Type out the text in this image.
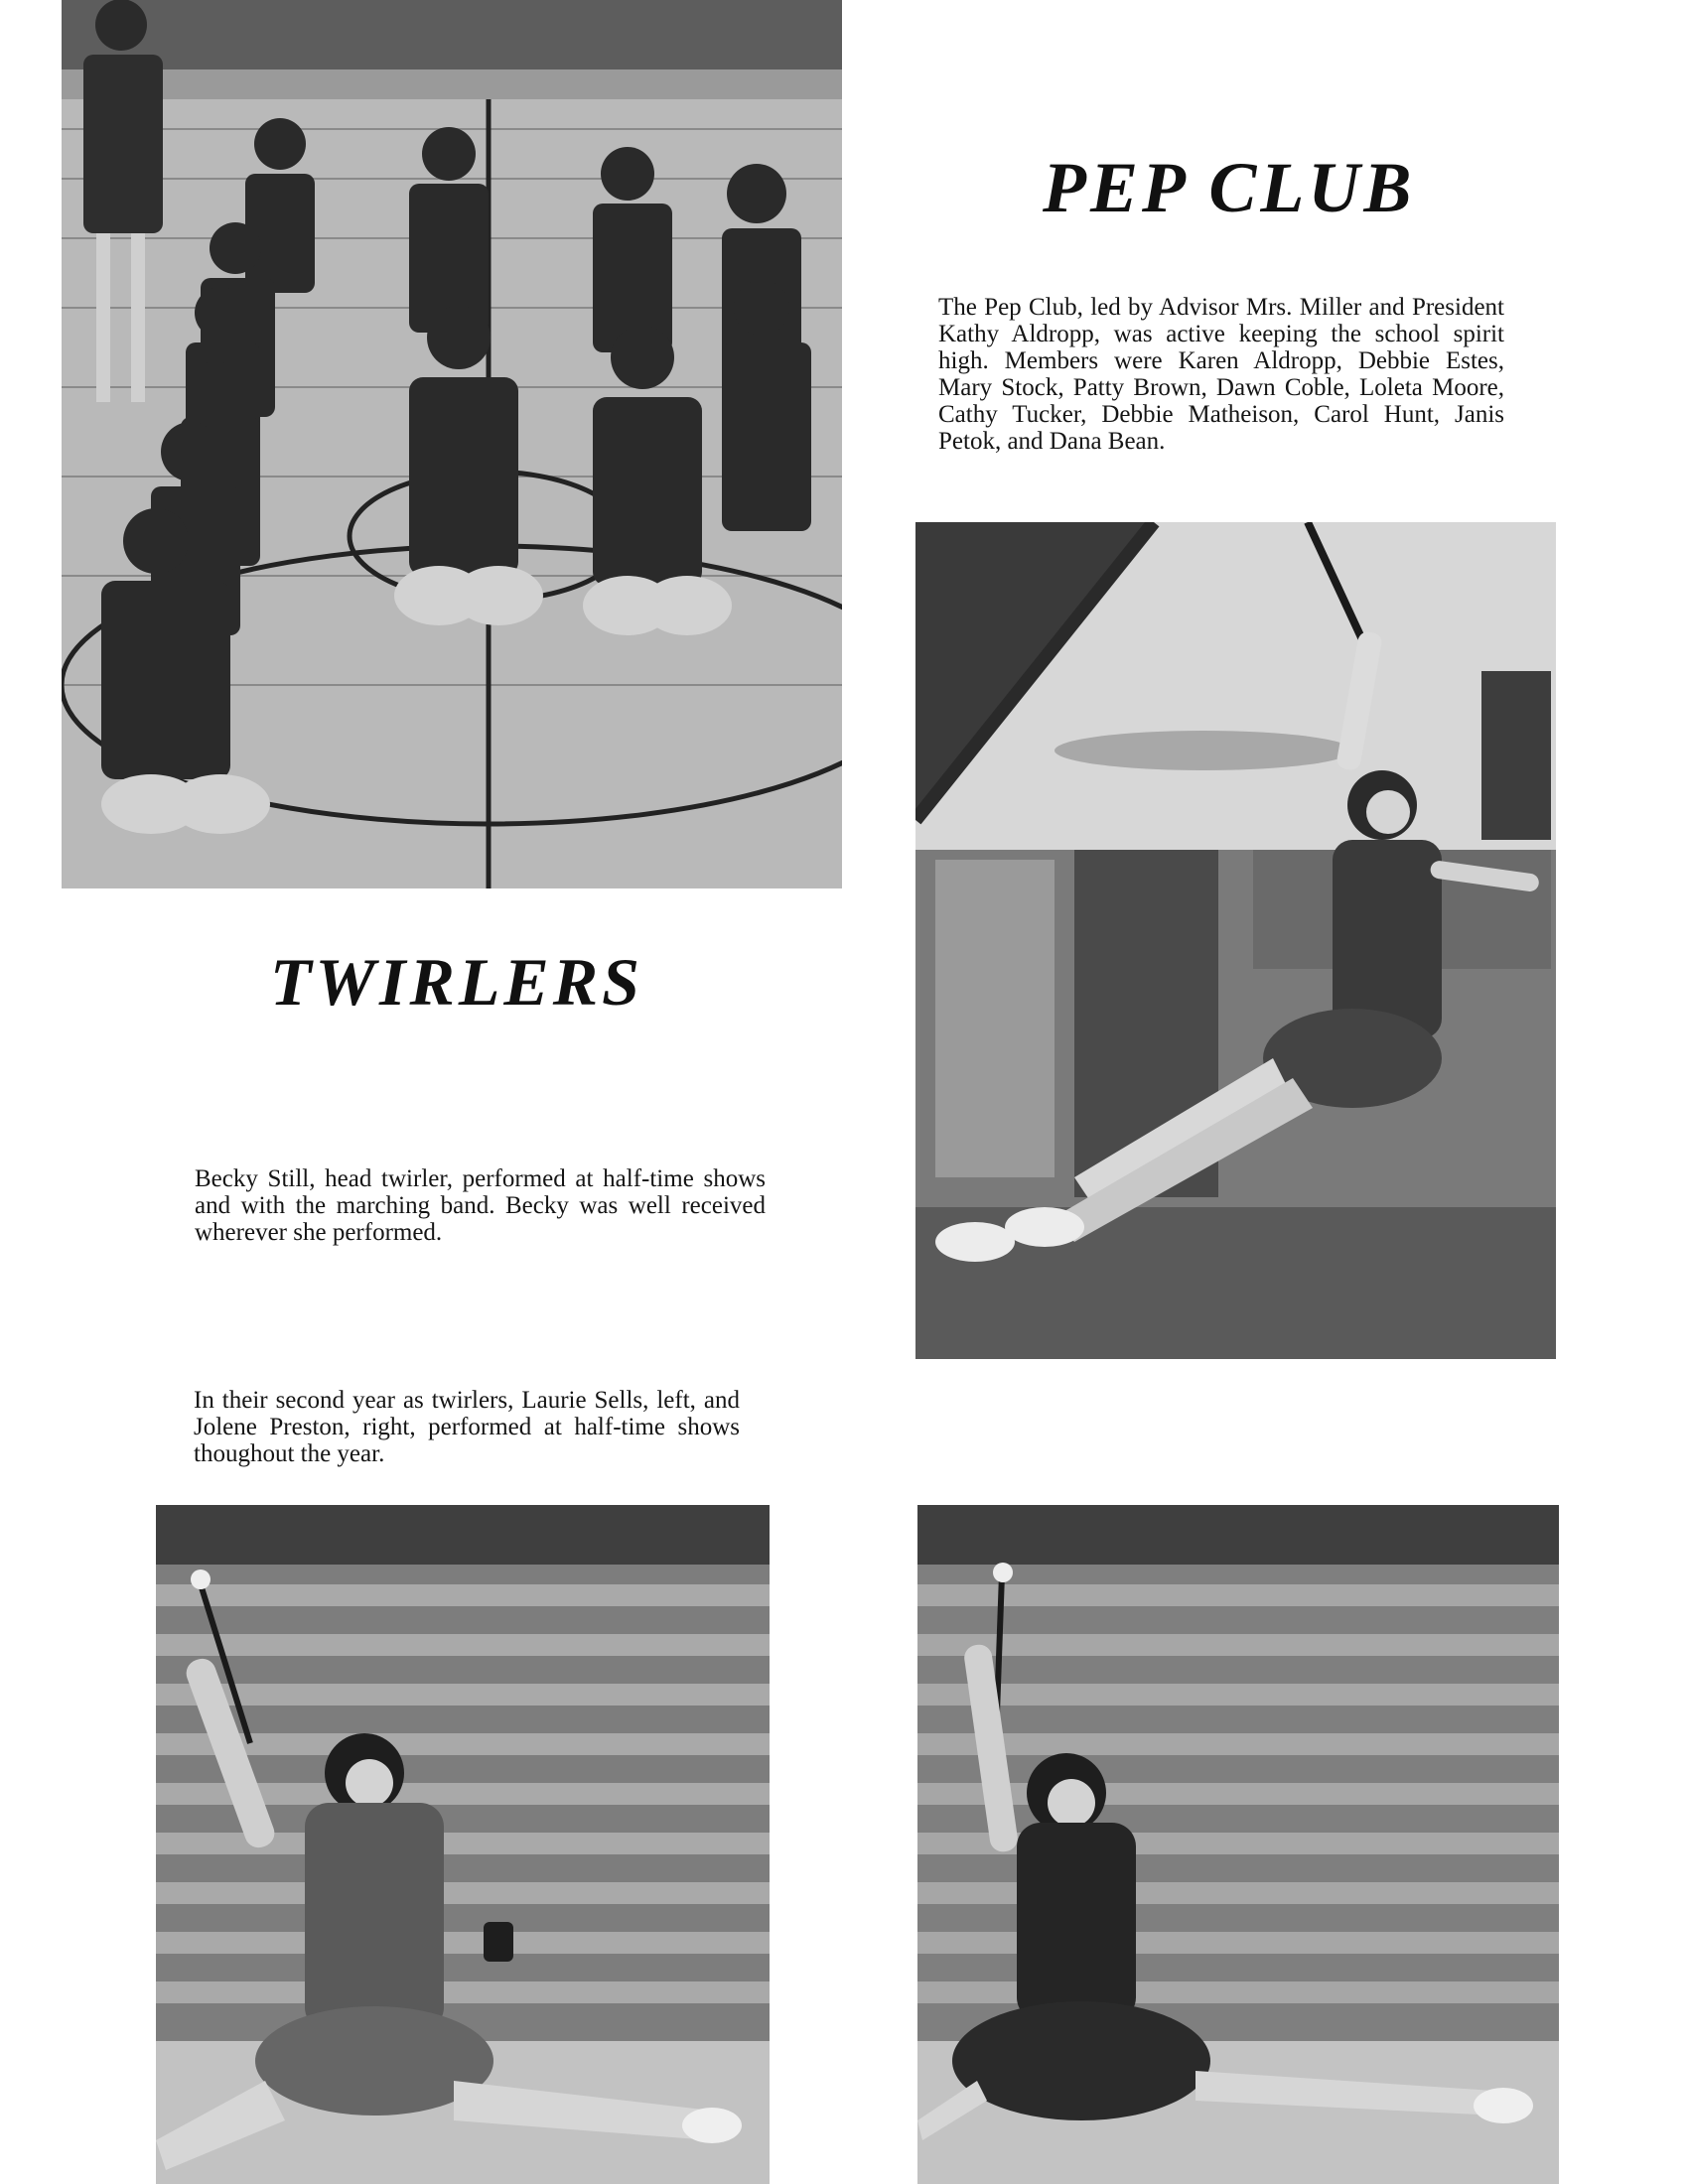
PEP CLUB

The Pep Club, led by Advisor Mrs. Miller and President Kathy Aldropp, was active keeping the school spirit high. Members were Karen Aldropp, Debbie Estes, Mary Stock, Patty Brown, Dawn Coble, Loleta Moore, Cathy Tucker, Debbie Matheison, Carol Hunt, Janis Petok, and Dana Bean.

TWIRLERS

Becky Still, head twirler, performed at half-time shows and with the marching band. Becky was well received wherever she performed.

In their second year as twirlers, Laurie Sells, left, and Jolene Preston, right, performed at half-time shows thoughout the year.
